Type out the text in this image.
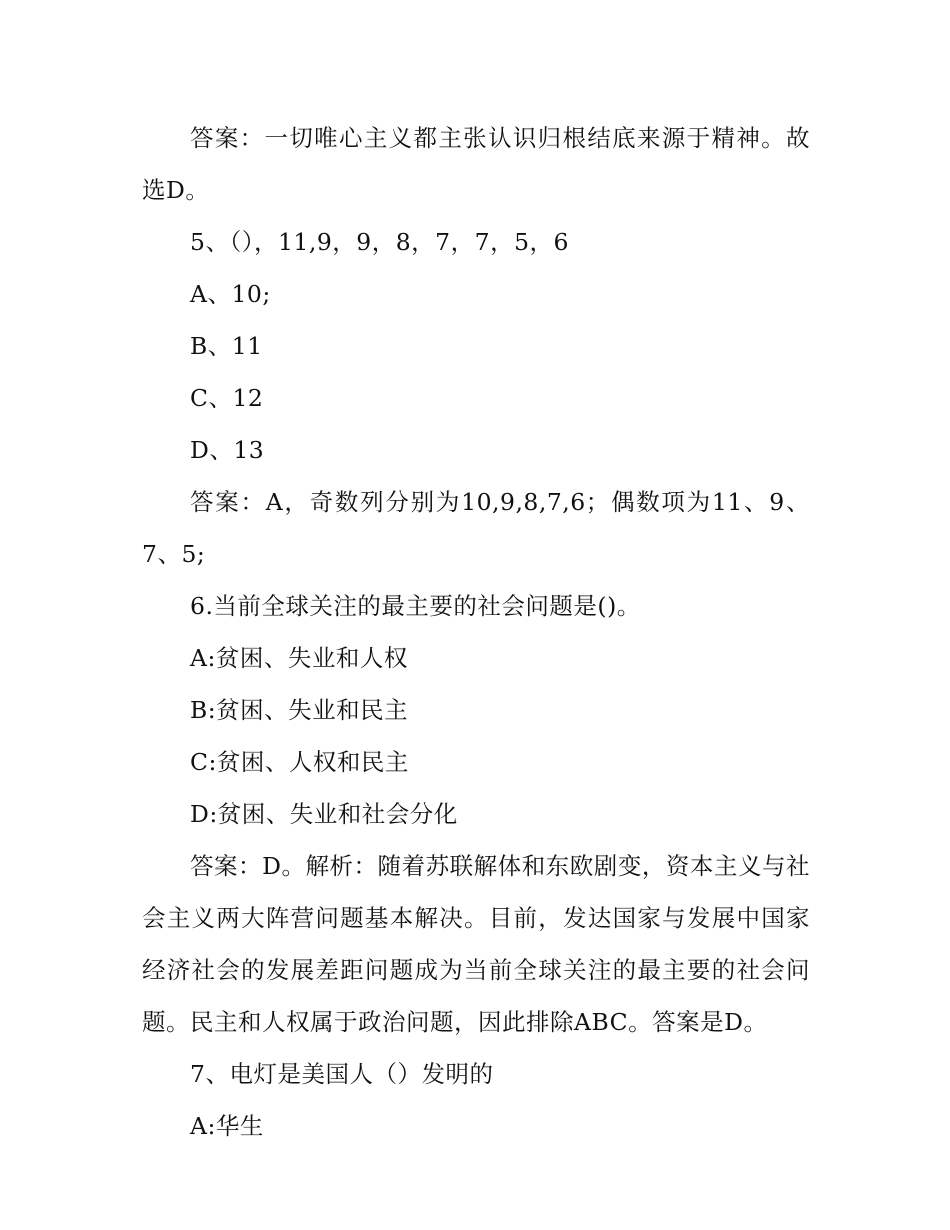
答案：一切唯心主义都主张认识归根结底来源于精神。故选D。

5、（），11,9，9，8，7，7，5，6

A、10;

B、11

C、12

D、13

答案：A，奇数列分别为10,9,8,7,6；偶数项为11、9、7、5;

6.当前全球关注的最主要的社会问题是()。

A:贫困、失业和人权

B:贫困、失业和民主

C:贫困、人权和民主

D:贫困、失业和社会分化

答案：D。解析：随着苏联解体和东欧剧变，资本主义与社会主义两大阵营问题基本解决。目前，发达国家与发展中国家经济社会的发展差距问题成为当前全球关注的最主要的社会问题。民主和人权属于政治问题，因此排除ABC。答案是D。

7、电灯是美国人（）发明的

A:华生
